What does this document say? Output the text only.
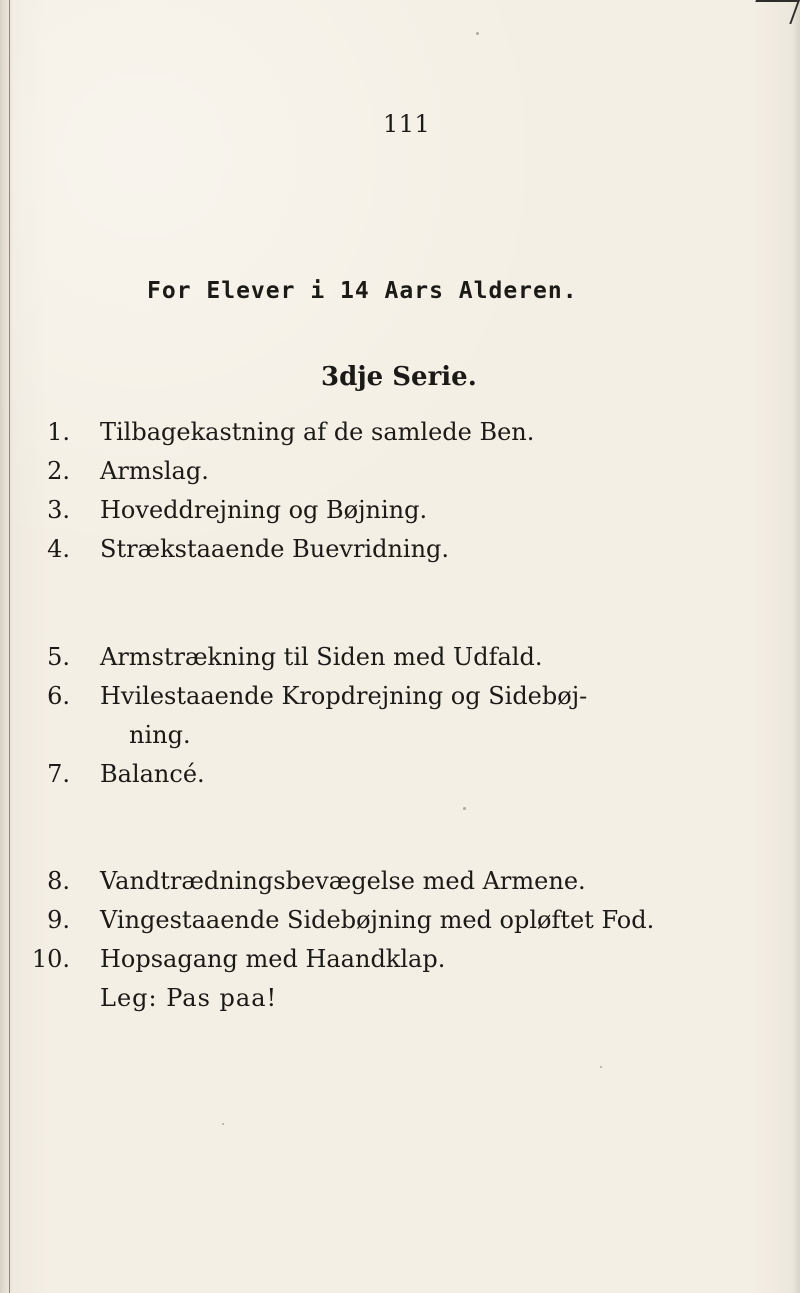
111
For Elever i 14 Aars Alderen.
3dje Serie.
1. Tilbagekastning af de samlede Ben.
2. Armslag.
3. Hoveddrejning og Bøjning.
4. Strækstaaende Buevridning.
5. Armstrækning til Siden med Udfald.
6. Hvilestaaende Kropdrejning og Sidebøj-
ning.
7. Balancé.
8. Vandtrædningsbevægelse med Armene.
9. Vingestaaende Sidebøjning med opløftet Fod.
10. Hopsagang med Haandklap.
Leg: Pas paa!
